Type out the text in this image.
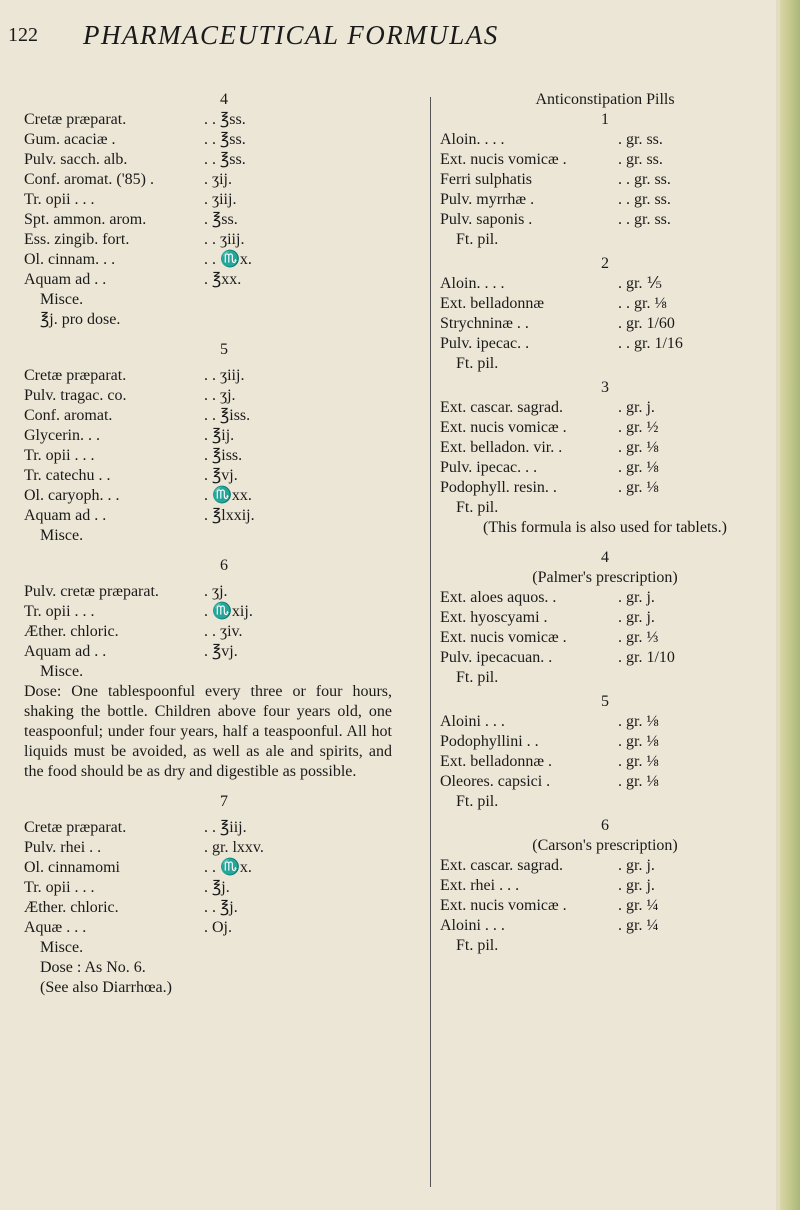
122 PHARMACEUTICAL FORMULAS
4
Cretæ præparat.	. . ℥ss.
Gum. acaciæ .	. . ℥ss.
Pulv. sacch. alb.	. . ℥ss.
Conf. aromat. ('85) .	. ʒij.
Tr. opii . . .	. ʒiij.
Spt. ammon. arom.	. ℥ss.
Ess. zingib. fort.	. . ʒiij.
Ol. cinnam. . .	. . ♏x.
Aquam ad . .	. ℥xx.
Misce.
℥j. pro dose.
5
Cretæ præparat.	. . ʒiij.
Pulv. tragac. co.	. . ʒj.
Conf. aromat.	. . ℥iss.
Glycerin. . .	. ℥ij.
Tr. opii . . .	. ℥iss.
Tr. catechu . .	. ℥vj.
Ol. caryoph. . .	. ♏xx.
Aquam ad . .	. ℥lxxij.
Misce.
6
Pulv. cretæ præparat.	. ʒj.
Tr. opii . . .	. ♏xij.
Æther. chloric.	. . ʒiv.
Aquam ad . .	. ℥vj.
Misce.
Dose: One tablespoonful every three or four hours, shaking the bottle. Children above four years old, one teaspoonful; under four years, half a teaspoonful. All hot liquids must be avoided, as well as ale and spirits, and the food should be as dry and digestible as possible.
7
Cretæ præparat.	. . ℥iij.
Pulv. rhei . .	. gr. lxxv.
Ol. cinnamomi	. . ♏x.
Tr. opii . . .	. ℥j.
Æther. chloric.	. . ℥j.
Aquæ . . .	. Oj.
Misce.
Dose : As No. 6.
(See also Diarrhœa.)
Anticonstipation Pills
1
Aloin. . . .	. gr. ss.
Ext. nucis vomicæ .	. gr. ss.
Ferri sulphatis	. . gr. ss.
Pulv. myrrhæ .	. . gr. ss.
Pulv. saponis .	. . gr. ss.
Ft. pil.
2
Aloin. . . .	. gr. ⅕
Ext. belladonnæ	. . gr. ⅛
Strychninæ . .	. gr. 1/60
Pulv. ipecac. .	. . gr. 1/16
Ft. pil.
3
Ext. cascar. sagrad.	. gr. j.
Ext. nucis vomicæ .	. gr. ½
Ext. belladon. vir. .	. gr. ⅛
Pulv. ipecac. . .	. gr. ⅛
Podophyll. resin. .	. gr. ⅛
Ft. pil.
(This formula is also used for tablets.)
4
(Palmer's prescription)
Ext. aloes aquos. .	. gr. j.
Ext. hyoscyami .	. gr. j.
Ext. nucis vomicæ .	. gr. ⅓
Pulv. ipecacuan. .	. gr. 1/10
Ft. pil.
5
Aloini . . .	. gr. ⅛
Podophyllini . .	. gr. ⅛
Ext. belladonnæ .	. gr. ⅛
Oleores. capsici .	. gr. ⅛
Ft. pil.
6
(Carson's prescription)
Ext. cascar. sagrad.	. gr. j.
Ext. rhei . . .	. gr. j.
Ext. nucis vomicæ .	. gr. ¼
Aloini . . .	. gr. ¼
Ft. pil.
